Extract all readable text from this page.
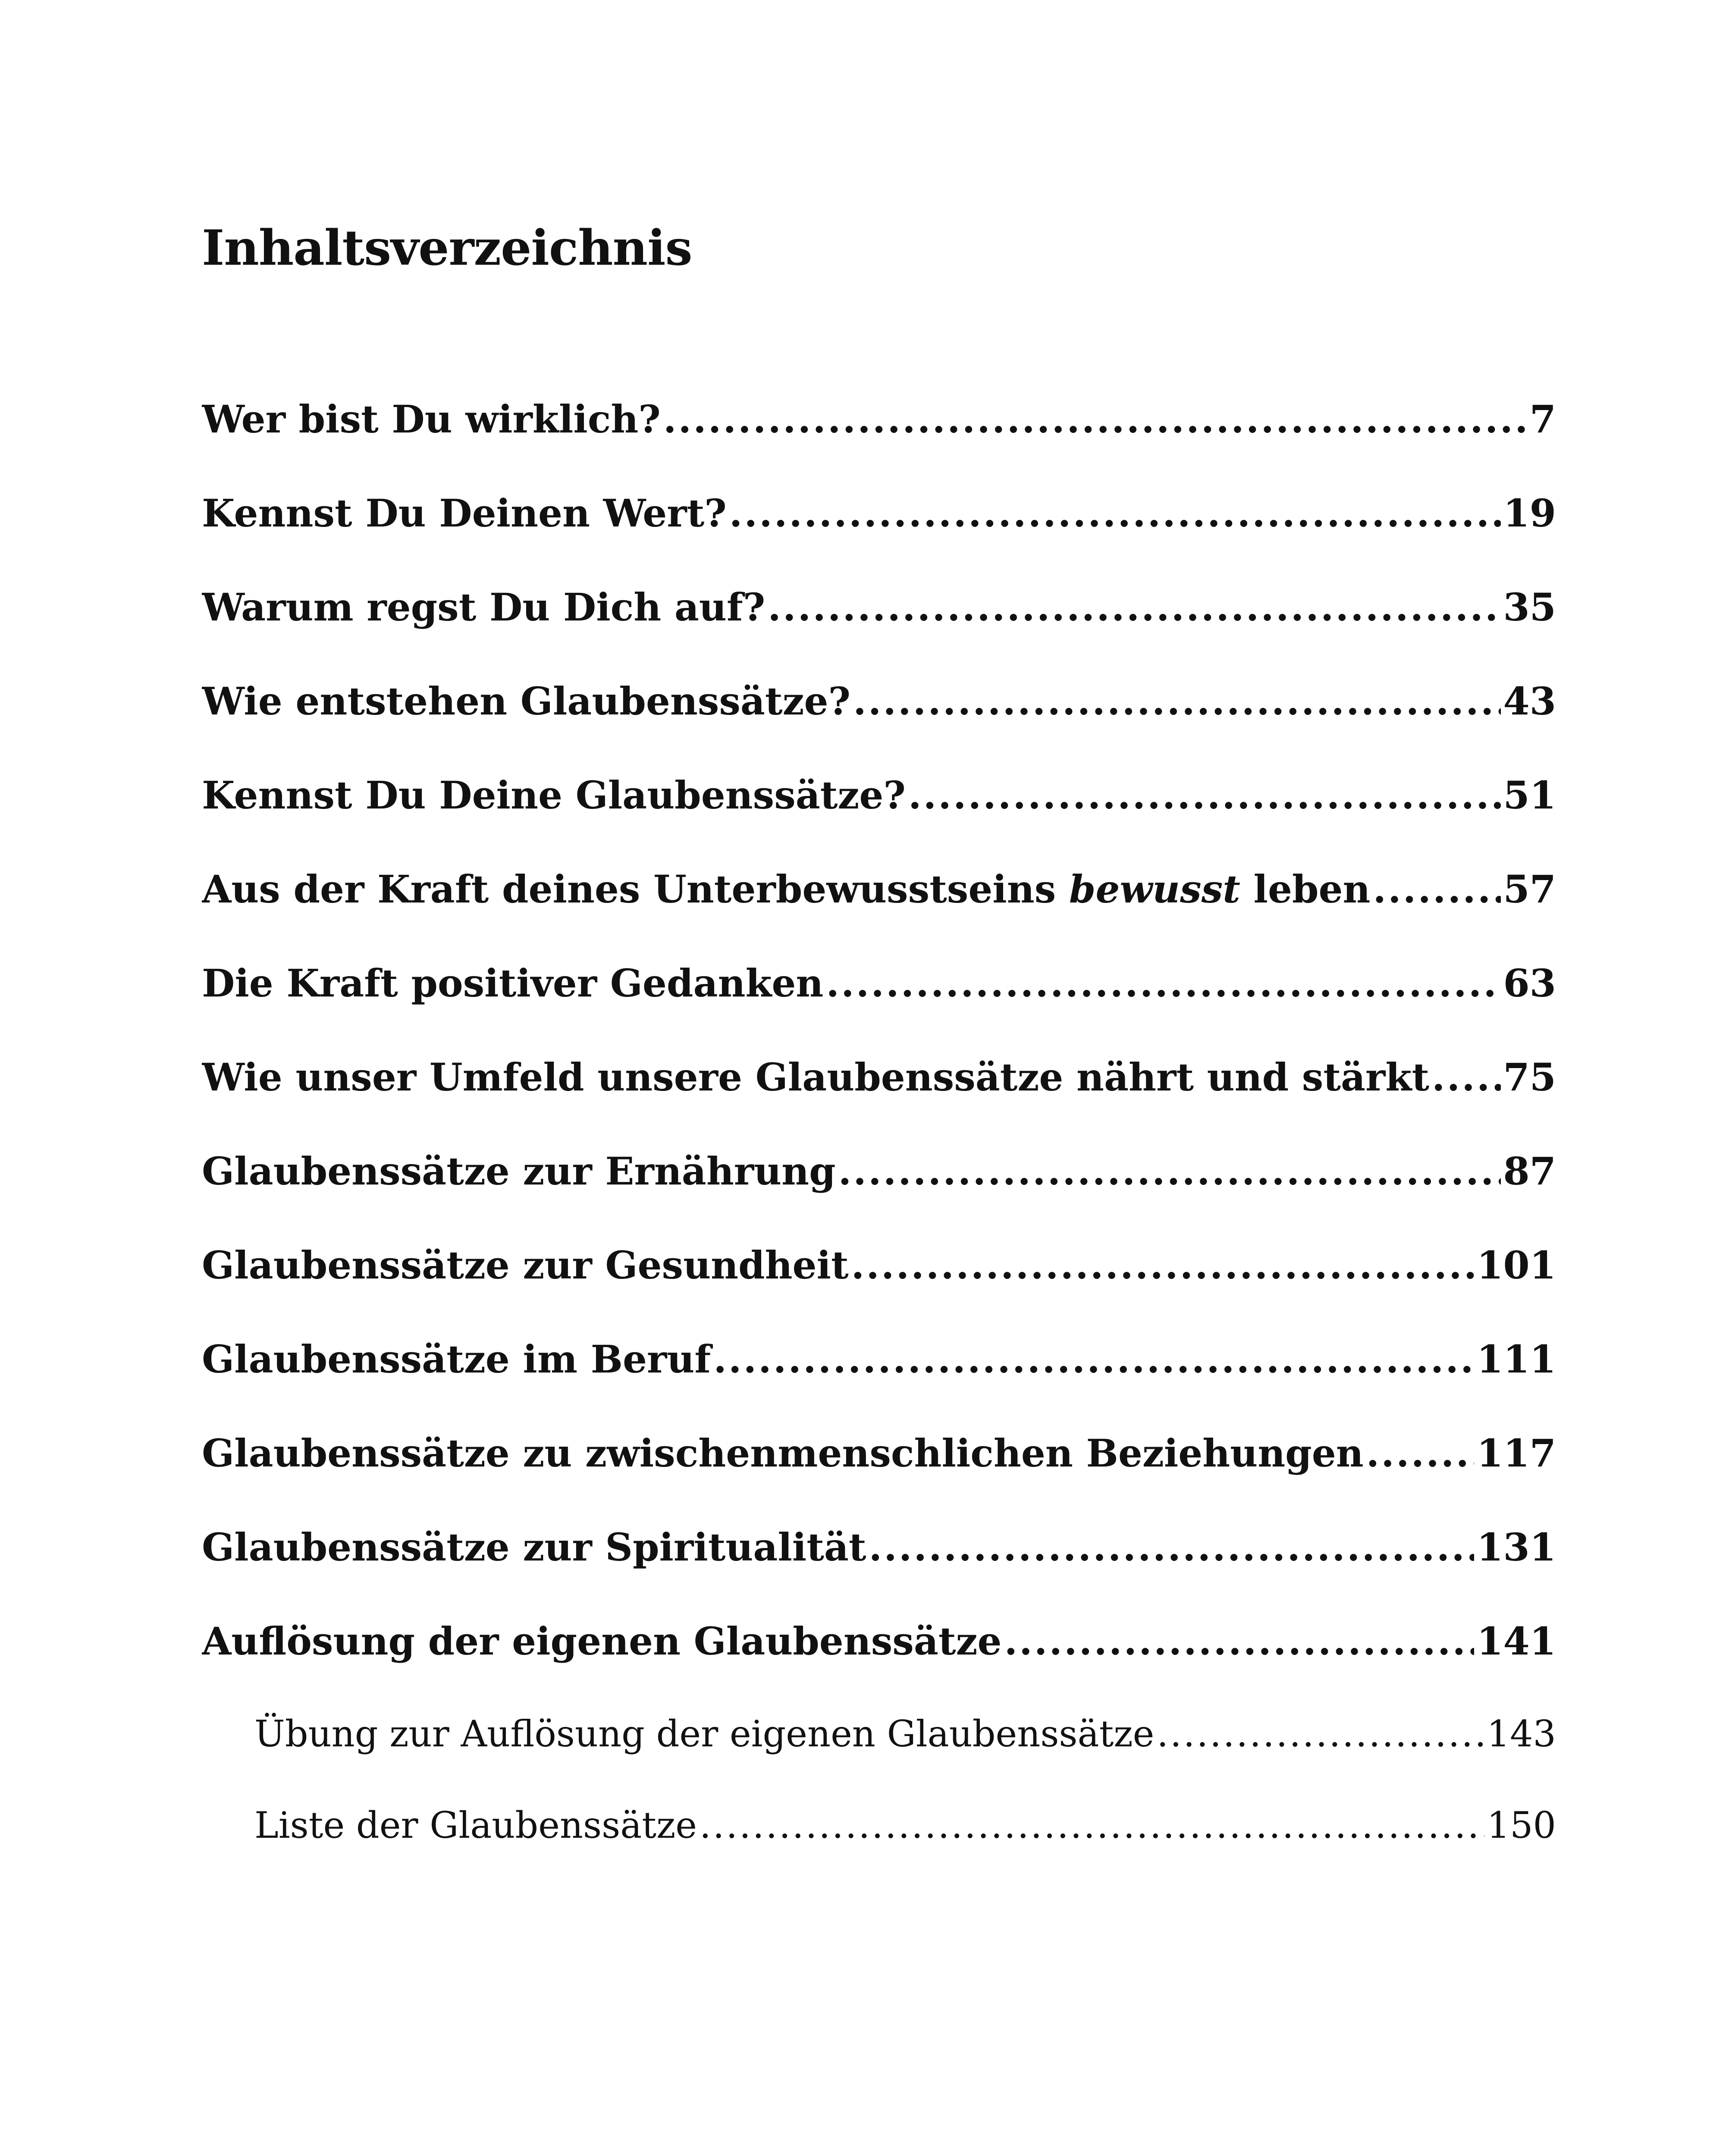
Inhaltsverzeichnis
Wer bist Du wirklich? .....	7
Kennst Du Deinen Wert? .....	19
Warum regst Du Dich auf? .....	35
Wie entstehen Glaubenssätze? .....	43
Kennst Du Deine Glaubenssätze? .....	51
Aus der Kraft deines Unterbewusstseins bewusst leben .....	57
Die Kraft positiver Gedanken .....	63
Wie unser Umfeld unsere Glaubenssätze nährt und stärkt ..... 75
Glaubenssätze zur Ernährung .....	87
Glaubenssätze zur Gesundheit .....	101
Glaubenssätze im Beruf .....	111
Glaubenssätze zu zwischenmenschlichen Beziehungen .....	117
Glaubenssätze zur Spiritualität .....	131
Auflösung der eigenen Glaubenssätze .....	141
Übung zur Auflösung der eigenen Glaubenssätze .....	143
Liste der Glaubenssätze .....	150
